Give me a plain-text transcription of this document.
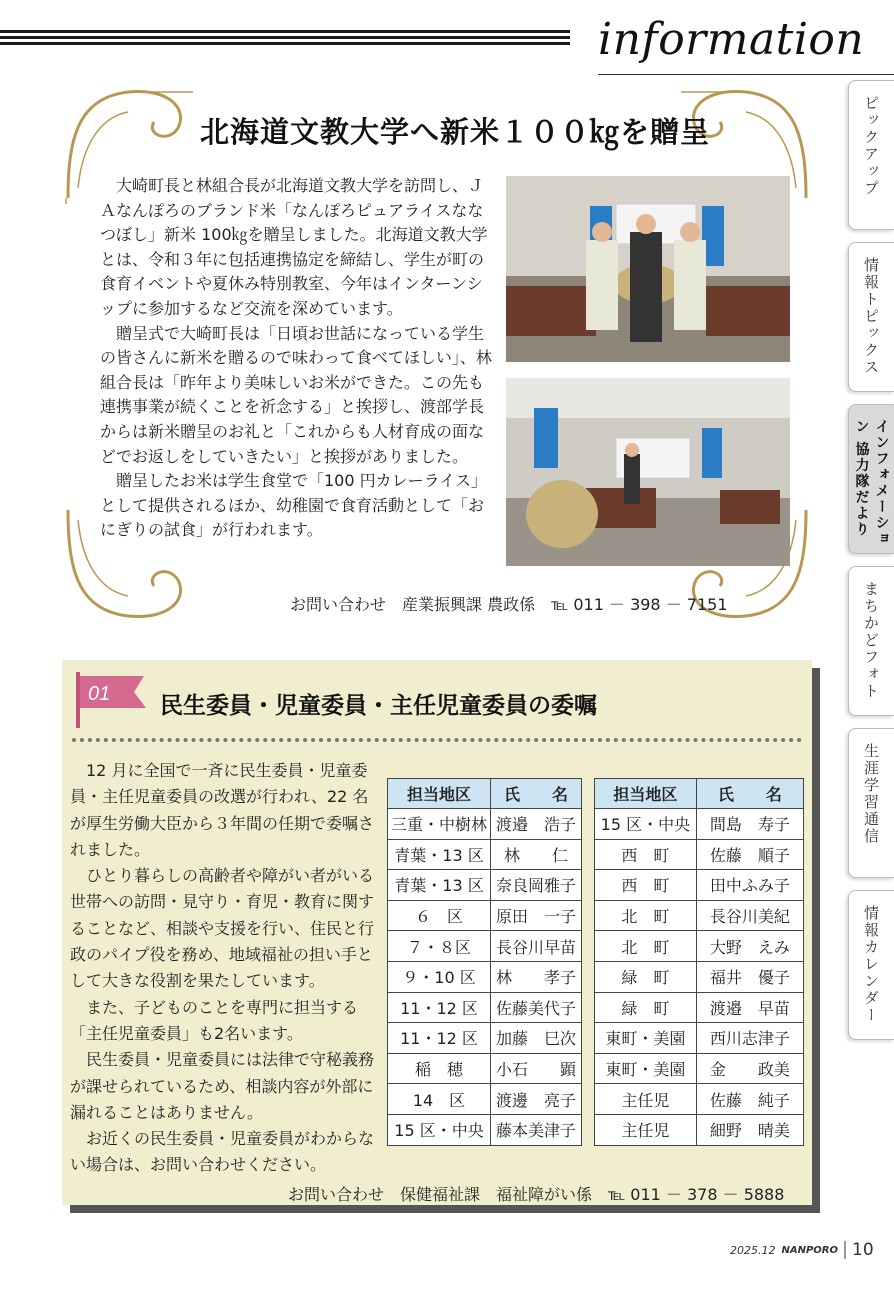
information
ピックアップ
情報トピックス
インフォメーション 協力隊だより
まちかどフォト
生涯学習通信
情報カレンダー
北海道文教大学へ新米１００㎏を贈呈

大崎町長と林組合長が北海道文教大学を訪問し、ＪＡなんぽろのブランド米「なんぽろピュアライスななつぼし」新米 100㎏を贈呈しました。北海道文教大学とは、令和３年に包括連携協定を締結し、学生が町の食育イベントや夏休み特別教室、今年はインターンシップに参加するなど交流を深めています。

贈呈式で大崎町長は「日頃お世話になっている学生の皆さんに新米を贈るので味わって食べてほしい」、林組合長は「昨年より美味しいお米ができた。この先も連携事業が続くことを祈念する」と挨拶し、渡部学長からは新米贈呈のお礼と「これからも人材育成の面などでお返しをしていきたい」と挨拶がありました。

贈呈したお米は学生食堂で「100 円カレーライス」として提供されるほか、幼稚園で食育活動として「おにぎりの試食」が行われます。

お問い合わせ　産業振興課 農政係　℡ 011 － 398 － 7151
01 民生委員・児童委員・主任児童委員の委嘱

12 月に全国で一斉に民生委員・児童委員・主任児童委員の改選が行われ、22 名が厚生労働大臣から３年間の任期で委嘱されました。

ひとり暮らしの高齢者や障がい者がいる世帯への訪問・見守り・育児・教育に関することなど、相談や支援を行い、住民と行政のパイプ役を務め、地域福祉の担い手として大きな役割を果たしています。

また、子どものことを専門に担当する「主任児童委員」も2名います。

民生委員・児童委員には法律で守秘義務が課せられているため、相談内容が外部に漏れることはありません。

お近くの民生委員・児童委員がわからない場合は、お問い合わせください。

担当地区	氏　　名
三重・中樹林	渡邉　浩子
青葉・13 区	林　　仁
青葉・13 区	奈良岡雅子
６　区	原田　一子
７・８区	長谷川早苗
９・10 区	林　　孝子
11・12 区	佐藤美代子
11・12 区	加藤　巳次
稲　穂	小石　　顕
14　区	渡邊　亮子
15 区・中央	藤本美津子
担当地区	氏　　名
15 区・中央	間島　寿子
西　町	佐藤　順子
西　町	田中ふみ子
北　町	長谷川美紀
北　町	大野　えみ
緑　町	福井　優子
緑　町	渡邉　早苗
東町・美園	西川志津子
東町・美園	金　　政美
主任児	佐藤　純子
主任児	細野　晴美
お問い合わせ　保健福祉課　福祉障がい係　℡ 011 － 378 － 5888
2025.12 NANPORO 10
